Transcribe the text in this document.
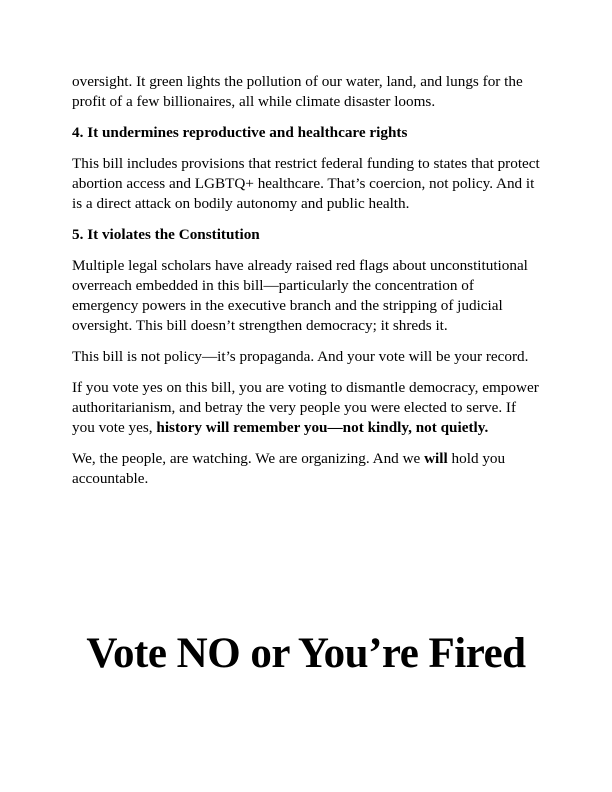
oversight. It green lights the pollution of our water, land, and lungs for the profit of a few billionaires, all while climate disaster looms.

4. It undermines reproductive and healthcare rights

This bill includes provisions that restrict federal funding to states that protect abortion access and LGBTQ+ healthcare. That’s coercion, not policy. And it is a direct attack on bodily autonomy and public health.

5. It violates the Constitution

Multiple legal scholars have already raised red flags about unconstitutional overreach embedded in this bill—particularly the concentration of emergency powers in the executive branch and the stripping of judicial oversight. This bill doesn’t strengthen democracy; it shreds it.

This bill is not policy—it’s propaganda. And your vote will be your record.

If you vote yes on this bill, you are voting to dismantle democracy, empower authoritarianism, and betray the very people you were elected to serve. If you vote yes, history will remember you—not kindly, not quietly.

We, the people, are watching. We are organizing. And we will hold you accountable.

Vote NO or You’re Fired
